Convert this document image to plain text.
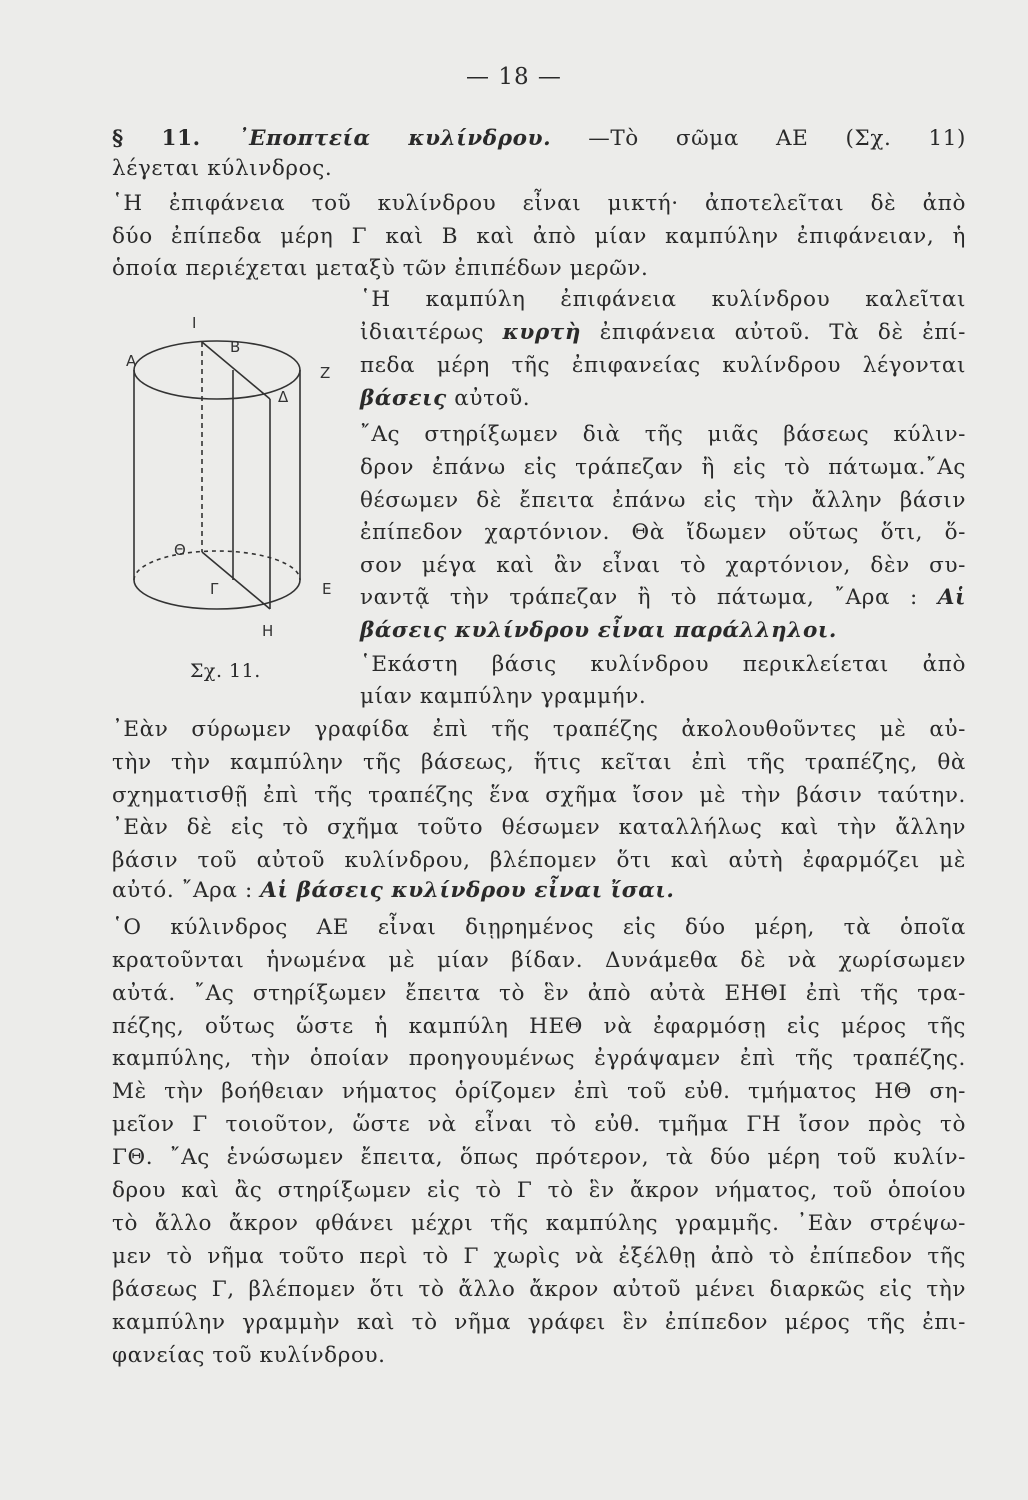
— 18 —
§ 11. ᾿Εποπτεία κυλίνδρου. —Τὸ σῶμα ΑΕ (Σχ. 11)
λέγεται κύλινδρος.
῾Η ἐπιφάνεια τοῦ κυλίνδρου εἶναι μικτή· ἀποτελεῖται δὲ ἀπὸ
δύο ἐπίπεδα μέρη Γ καὶ Β καὶ ἀπὸ μίαν καμπύλην ἐπιφάνειαν, ἡ
ὁποία περιέχεται μεταξὺ τῶν ἐπιπέδων μερῶν.
Α
Ι
Β
Ζ
Δ
Θ
Γ	Ε
Η
Σχ. 11.
῾Η καμπύλη ἐπιφάνεια κυλίνδρου καλεῖται
ἰδιαιτέρως κυρτὴ ἐπιφάνεια αὐτοῦ. Τὰ δὲ ἐπί-
πεδα μέρη τῆς ἐπιφανείας κυλίνδρου λέγονται
βάσεις αὐτοῦ.
῎Ας στηρίξωμεν διὰ τῆς μιᾶς βάσεως κύλιν-
δρον ἐπάνω εἰς τράπεζαν ἢ εἰς τὸ πάτωμα.῎Ας
θέσωμεν δὲ ἔπειτα ἐπάνω εἰς τὴν ἄλλην βάσιν
ἐπίπεδον χαρτόνιον. Θὰ ἴδωμεν οὕτως ὅτι, ὅ-
σον μέγα καὶ ἂν εἶναι τὸ χαρτόνιον, δὲν συ-
ναντᾷ τὴν τράπεζαν ἢ τὸ πάτωμα, ῎Αρα : Αἱ
βάσεις κυλίνδρου εἶναι παράλληλοι.
῾Εκάστη βάσις κυλίνδρου περικλείεται ἀπὸ
μίαν καμπύλην γραμμήν.
᾿Εὰν σύρωμεν γραφίδα ἐπὶ τῆς τραπέζης ἀκολουθοῦντες μὲ αὐ-
τὴν τὴν καμπύλην τῆς βάσεως, ἥτις κεῖται ἐπὶ τῆς τραπέζης, θὰ
σχηματισθῇ ἐπὶ τῆς τραπέζης ἕνα σχῆμα ἴσον μὲ τὴν βάσιν ταύτην.
᾿Εὰν δὲ εἰς τὸ σχῆμα τοῦτο θέσωμεν καταλλήλως καὶ τὴν ἄλλην
βάσιν τοῦ αὐτοῦ κυλίνδρου, βλέπομεν ὅτι καὶ αὐτὴ ἐφαρμόζει μὲ
αὐτό. ῎Αρα : Αἱ βάσεις κυλίνδρου εἶναι ἴσαι.
῾Ο κύλινδρος ΑΕ εἶναι διῃρημένος εἰς δύο μέρη, τὰ ὁποῖα
κρατοῦνται ἡνωμένα μὲ μίαν βίδαν. Δυνάμεθα δὲ νὰ χωρίσωμεν
αὐτά. ῎Ας στηρίξωμεν ἔπειτα τὸ ἓν ἀπὸ αὐτὰ ΕΗΘΙ ἐπὶ τῆς τρα-
πέζης, οὕτως ὥστε ἡ καμπύλη ΗΕΘ νὰ ἐφαρμόσῃ εἰς μέρος τῆς
καμπύλης, τὴν ὁποίαν προηγουμένως ἐγράψαμεν ἐπὶ τῆς τραπέζης.
Μὲ τὴν βοήθειαν νήματος ὁρίζομεν ἐπὶ τοῦ εὐθ. τμήματος ΗΘ ση-
μεῖον Γ τοιοῦτον, ὥστε νὰ εἶναι τὸ εὐθ. τμῆμα ΓΗ ἴσον πρὸς τὸ
ΓΘ. ῎Ας ἑνώσωμεν ἔπειτα, ὅπως πρότερον, τὰ δύο μέρη τοῦ κυλίν-
δρου καὶ ἂς στηρίξωμεν εἰς τὸ Γ τὸ ἓν ἄκρον νήματος, τοῦ ὁποίου
τὸ ἄλλο ἄκρον φθάνει μέχρι τῆς καμπύλης γραμμῆς. ᾿Εὰν στρέψω-
μεν τὸ νῆμα τοῦτο περὶ τὸ Γ χωρὶς νὰ ἐξέλθῃ ἀπὸ τὸ ἐπίπεδον τῆς
βάσεως Γ, βλέπομεν ὅτι τὸ ἄλλο ἄκρον αὐτοῦ μένει διαρκῶς εἰς τὴν
καμπύλην γραμμὴν καὶ τὸ νῆμα γράφει ἓν ἐπίπεδον μέρος τῆς ἐπι-
φανείας τοῦ κυλίνδρου.
